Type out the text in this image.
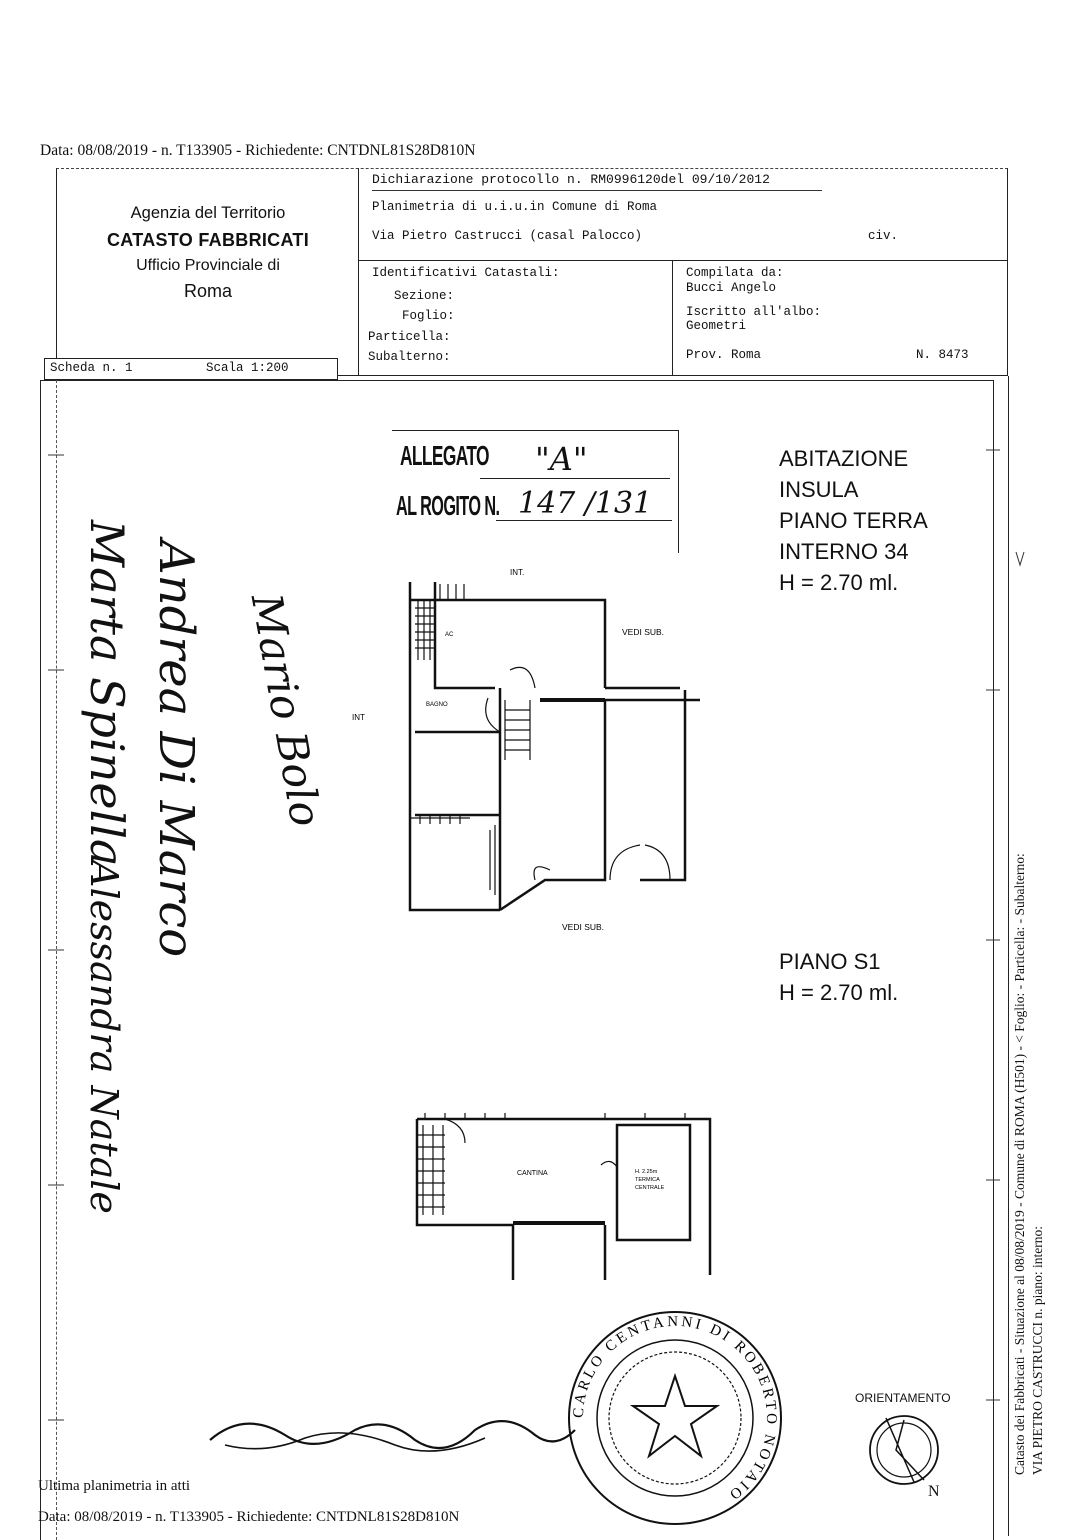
Data: 08/08/2019 - n. T133905 - Richiedente: CNTDNL81S28D810N
Agenzia del Territorio
CATASTO FABBRICATI
Ufficio Provinciale di
Roma
Dichiarazione protocollo n. RM0996120del 09/10/2012
Planimetria di u.i.u.in Comune di Roma
Via Pietro Castrucci (casal Palocco)	civ.
Identificativi Catastali:
Sezione:
Foglio:
Particella:
Subalterno:
Compilata da:
Bucci Angelo
Iscritto all'albo:
Geometri
Prov. Roma	N. 8473
Scheda n. 1	Scala 1:200
ALLEGATO "A"
AL ROGITO N. 147 /131
ABITAZIONE
INSULA
PIANO TERRA
INTERNO 34
H = 2.70 ml.
PIANO S1
H = 2.70 ml.
INT.
INT
VEDI SUB.
VEDI SUB.
AC
BAGNO
CANTINA	H. 2.25m TERMICA CENTRALE
Marta Spinella Andrea Di Marco Mario Bolo
Alessandra Natale
CARLO CENTANNI DI ROBERTO NOTAIO
ORIENTAMENTO
N
Catasto dei Fabbricati - Situazione al 08/08/2019 - Comune di ROMA (H501) - < Foglio: - Particella: - Subalterno: VIA PIETRO CASTRUCCI n. piano: interno:
Ultima planimetria in atti
Data: 08/08/2019 - n. T133905 - Richiedente: CNTDNL81S28D810N
